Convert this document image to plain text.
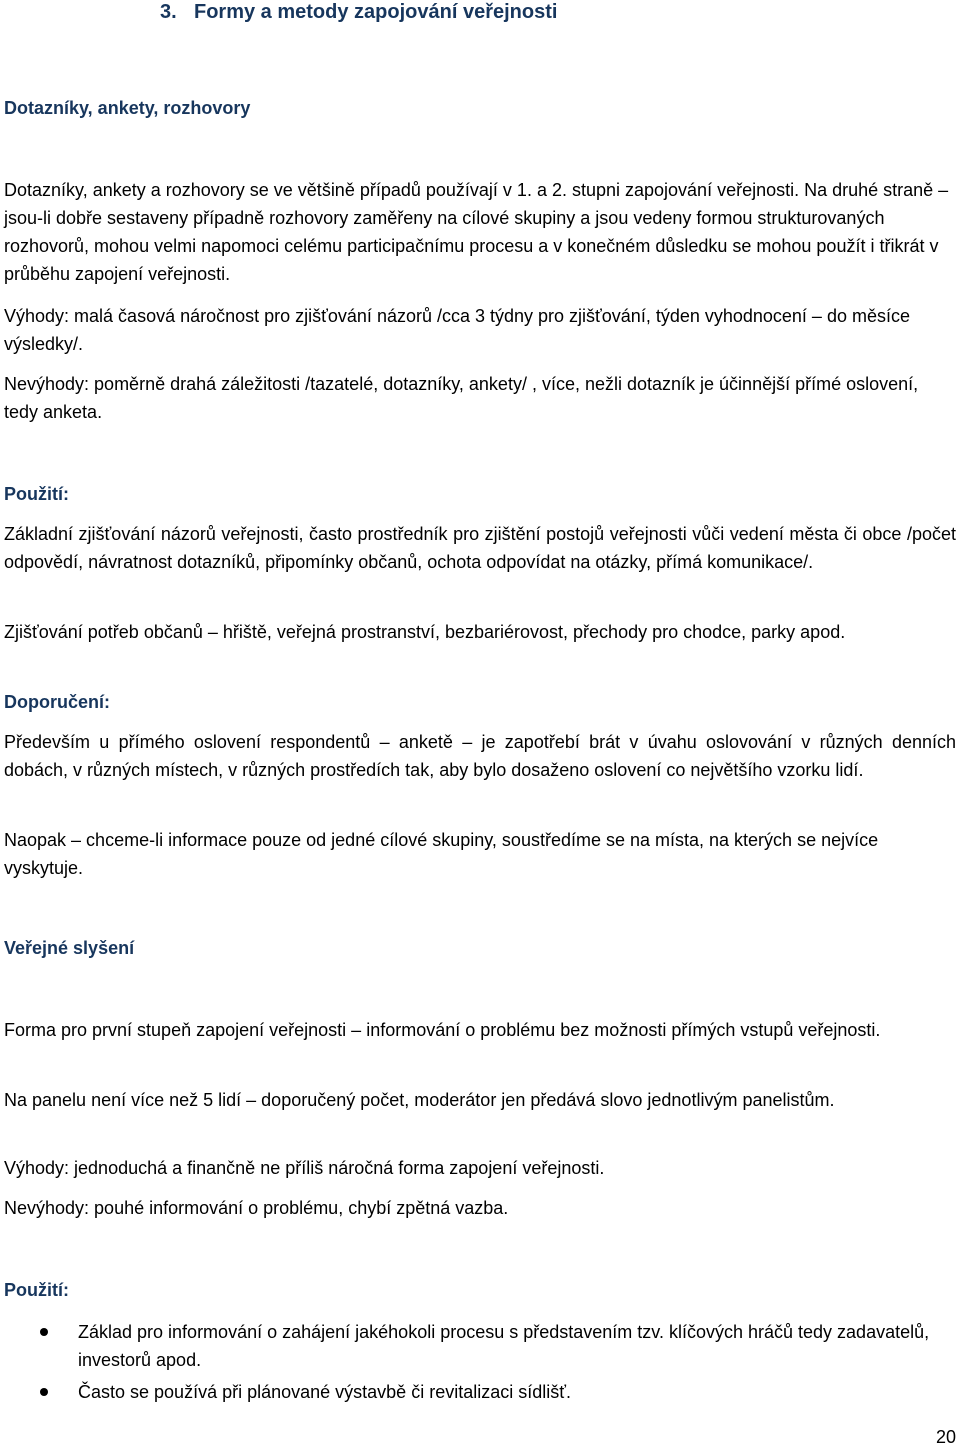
3. Formy a metody zapojování veřejnosti
Dotazníky, ankety, rozhovory

Dotazníky, ankety a rozhovory se ve většině případů používají v 1. a 2. stupni zapojování veřejnosti. Na druhé straně – jsou-li dobře sestaveny případně rozhovory zaměřeny na cílové skupiny a jsou vedeny formou strukturovaných rozhovorů, mohou velmi napomoci celému participačnímu procesu a v konečném důsledku se mohou použít i třikrát v průběhu zapojení veřejnosti.

Výhody: malá časová náročnost pro zjišťování názorů /cca 3 týdny pro zjišťování, týden vyhodnocení – do měsíce výsledky/.

Nevýhody: poměrně drahá záležitosti /tazatelé, dotazníky, ankety/ , více, nežli dotazník je účinnější přímé oslovení, tedy anketa.

Použití:

Základní zjišťování názorů veřejnosti, často prostředník pro zjištění postojů veřejnosti vůči vedení města či obce /počet odpovědí, návratnost dotazníků, připomínky občanů, ochota odpovídat na otázky, přímá komunikace/.

Zjišťování potřeb občanů – hřiště, veřejná prostranství, bezbariérovost, přechody pro chodce, parky apod.

Doporučení:

Především u přímého oslovení respondentů – anketě – je zapotřebí brát v úvahu oslovování v různých denních dobách, v různých místech, v různých prostředích tak, aby bylo dosaženo oslovení co největšího vzorku lidí.

Naopak – chceme-li informace pouze od jedné cílové skupiny, soustředíme se na místa, na kterých se nejvíce vyskytuje.

Veřejné slyšení

Forma pro první stupeň zapojení veřejnosti – informování o problému bez možnosti přímých vstupů veřejnosti.

Na panelu není více než 5 lidí – doporučený počet, moderátor jen předává slovo jednotlivým panelistům.

Výhody: jednoduchá a finančně ne příliš náročná forma zapojení veřejnosti.

Nevýhody: pouhé informování o problému, chybí zpětná vazba.

Použití:
Základ pro informování o zahájení jakéhokoli procesu s představením tzv. klíčových hráčů tedy zadavatelů, investorů apod.
Často se používá při plánované výstavbě či revitalizaci sídlišť.
20
